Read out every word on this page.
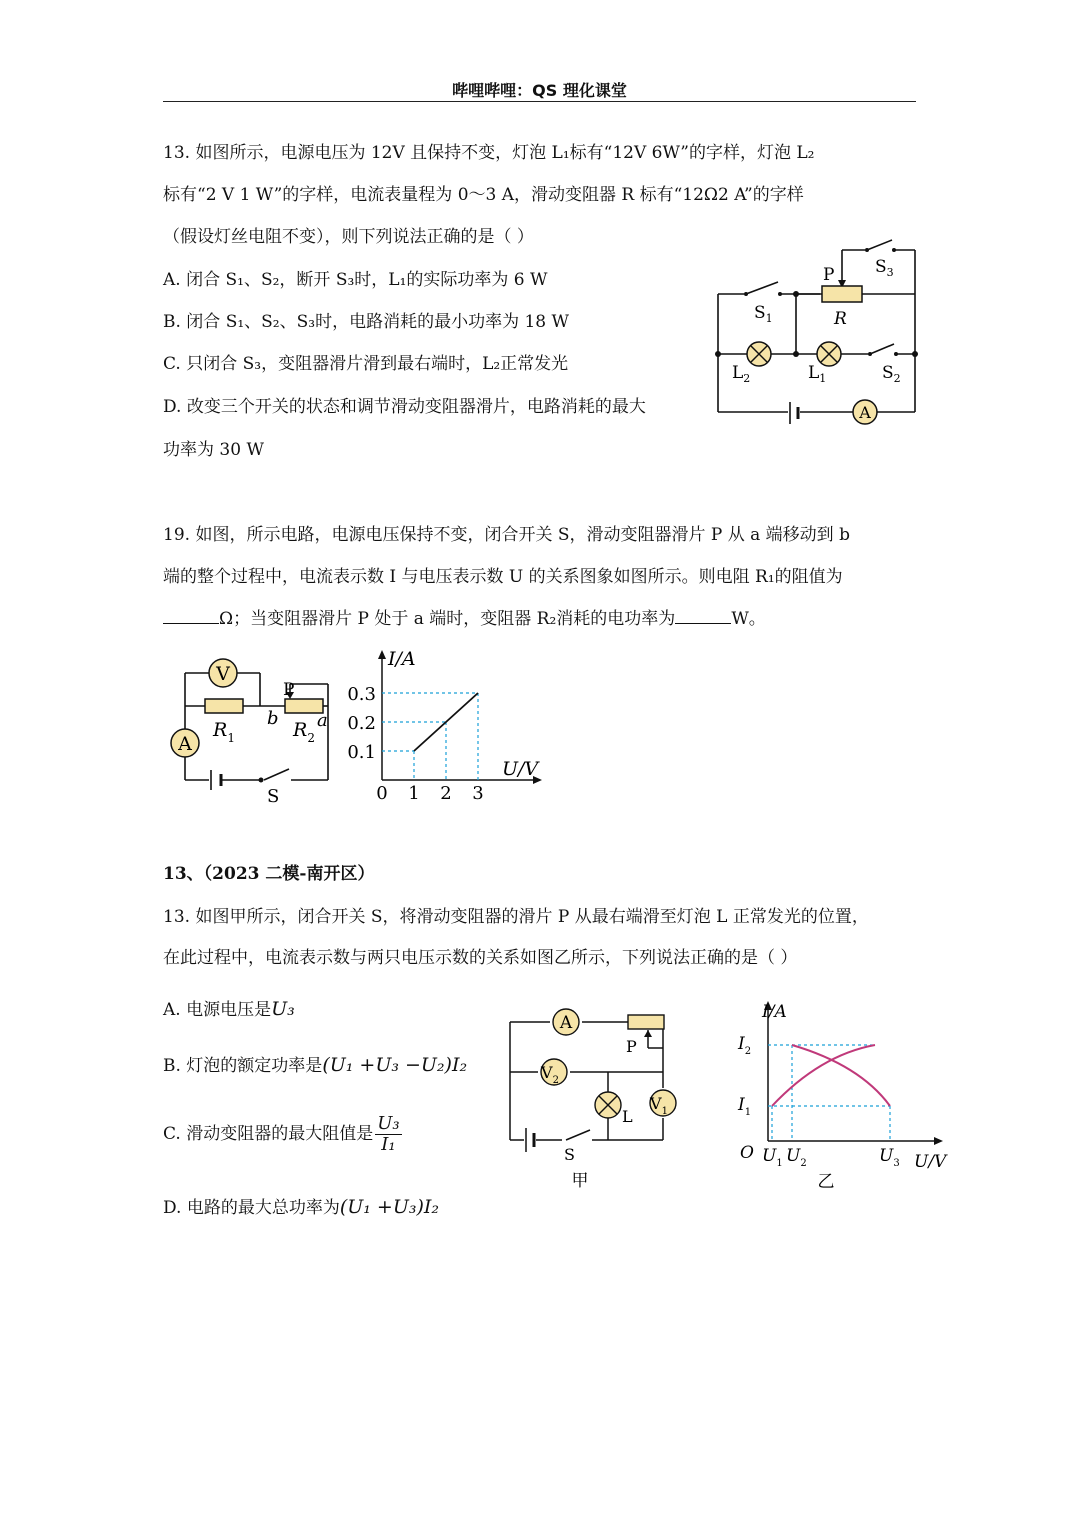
哔哩哔哩：QS 理化课堂
13. 如图所示，电源电压为 12V 且保持不变，灯泡 L₁标有“12V 6W”的字样，灯泡 L₂
标有“2 V 1 W”的字样，电流表量程为 0～3 A，滑动变阻器 R 标有“12Ω2 A”的字样
（假设灯丝电阻不变），则下列说法正确的是（ ）
A. 闭合 S₁、S₂，断开 S₃时，L₁的实际功率为 6 W
B. 闭合 S₁、S₂、S₃时，电路消耗的最小功率为 18 W
C. 只闭合 S₃，变阻器滑片滑到最右端时，L₂正常发光
D. 改变三个开关的状态和调节滑动变阻器滑片，电路消耗的最大
功率为 30 W
A
P $S_3$
$S_1$	R
$L_2$	$L_1$	$S_2$
19. 如图，所示电路，电源电压保持不变，闭合开关 S，滑动变阻器滑片 P 从 a 端移动到 b
端的整个过程中，电流表示数 I 与电压表示数 U 的关系图象如图所示。则电阻 R₁的阻值为
Ω；当变阻器滑片 P 处于 a 端时，变阻器 R₂消耗的电功率为	W。
V
A
P
$R_1$
b
$R_2$
a
S
I/A
U/V
0 1 2 3
0.1
0.2
0.3
13、（2023 二模-南开区）
13. 如图甲所示，闭合开关 S，将滑动变阻器的滑片 P 从最右端滑至灯泡 L 正常发光的位置，
在此过程中，电流表示数与两只电压示数的关系如图乙所示，下列说法正确的是（ ）
A. 电源电压是U₃
B. 灯泡的额定功率是(U₁ +U₃ −U₂)I₂
C. 滑动变阻器的最大阻值是 $\frac{\text{U₃}}{\text{I₁}}$
D. 电路的最大总功率为(U₁ +U₃)I₂
A
$V_2$
$V_1$
P
L
S
甲
I/A
U/V
O
$I_2$
$I_1$
$U_1$ $U_2$	$U_3$
乙
